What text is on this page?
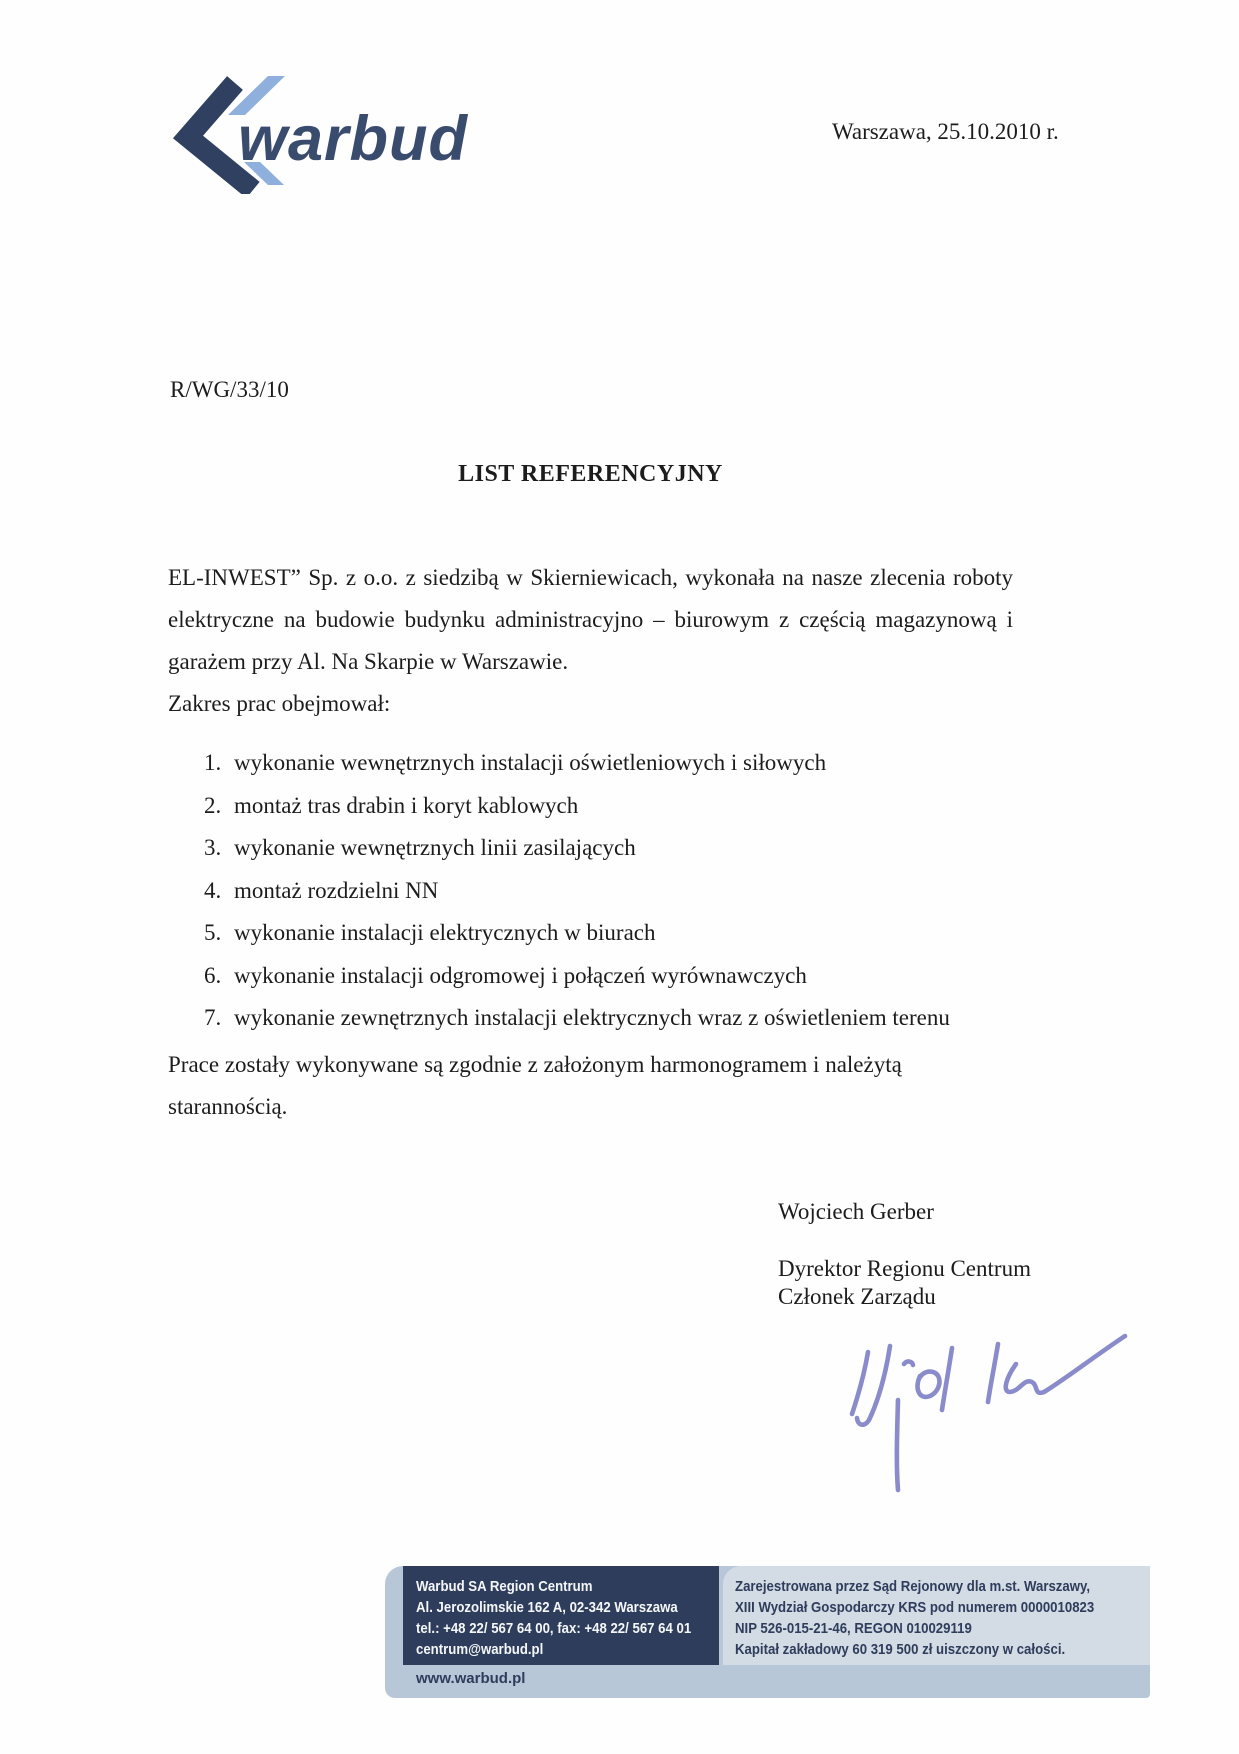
warbud	Warszawa, 25.10.2010 r.
R/WG/33/10
LIST REFERENCYJNY

EL-INWEST” Sp. z o.o. z siedzibą w Skierniewicach, wykonała na nasze zlecenia roboty elektryczne na budowie budynku administracyjno – biurowym z częścią magazynową i garażem przy Al. Na Skarpie w Warszawie.

Zakres prac obejmował:
wykonanie wewnętrznych instalacji oświetleniowych i siłowych
montaż tras drabin i koryt kablowych
wykonanie wewnętrznych linii zasilających
montaż rozdzielni NN
wykonanie instalacji elektrycznych w biurach
wykonanie instalacji odgromowej i połączeń wyrównawczych
wykonanie zewnętrznych instalacji elektrycznych wraz z oświetleniem terenu

Prace zostały wykonywane są zgodnie z założonym harmonogramem i należytą starannością.

Wojciech Gerber
Dyrektor Regionu Centrum
Członek Zarządu
Warbud SA Region Centrum
Al. Jerozolimskie 162 A, 02-342 Warszawa
tel.: +48 22/ 567 64 00, fax: +48 22/ 567 64 01
centrum@warbud.pl
Zarejestrowana przez Sąd Rejonowy dla m.st. Warszawy,
XIII Wydział Gospodarczy KRS pod numerem 0000010823
NIP 526-015-21-46, REGON 010029119
Kapitał zakładowy 60 319 500 zł uiszczony w całości.
www.warbud.pl
